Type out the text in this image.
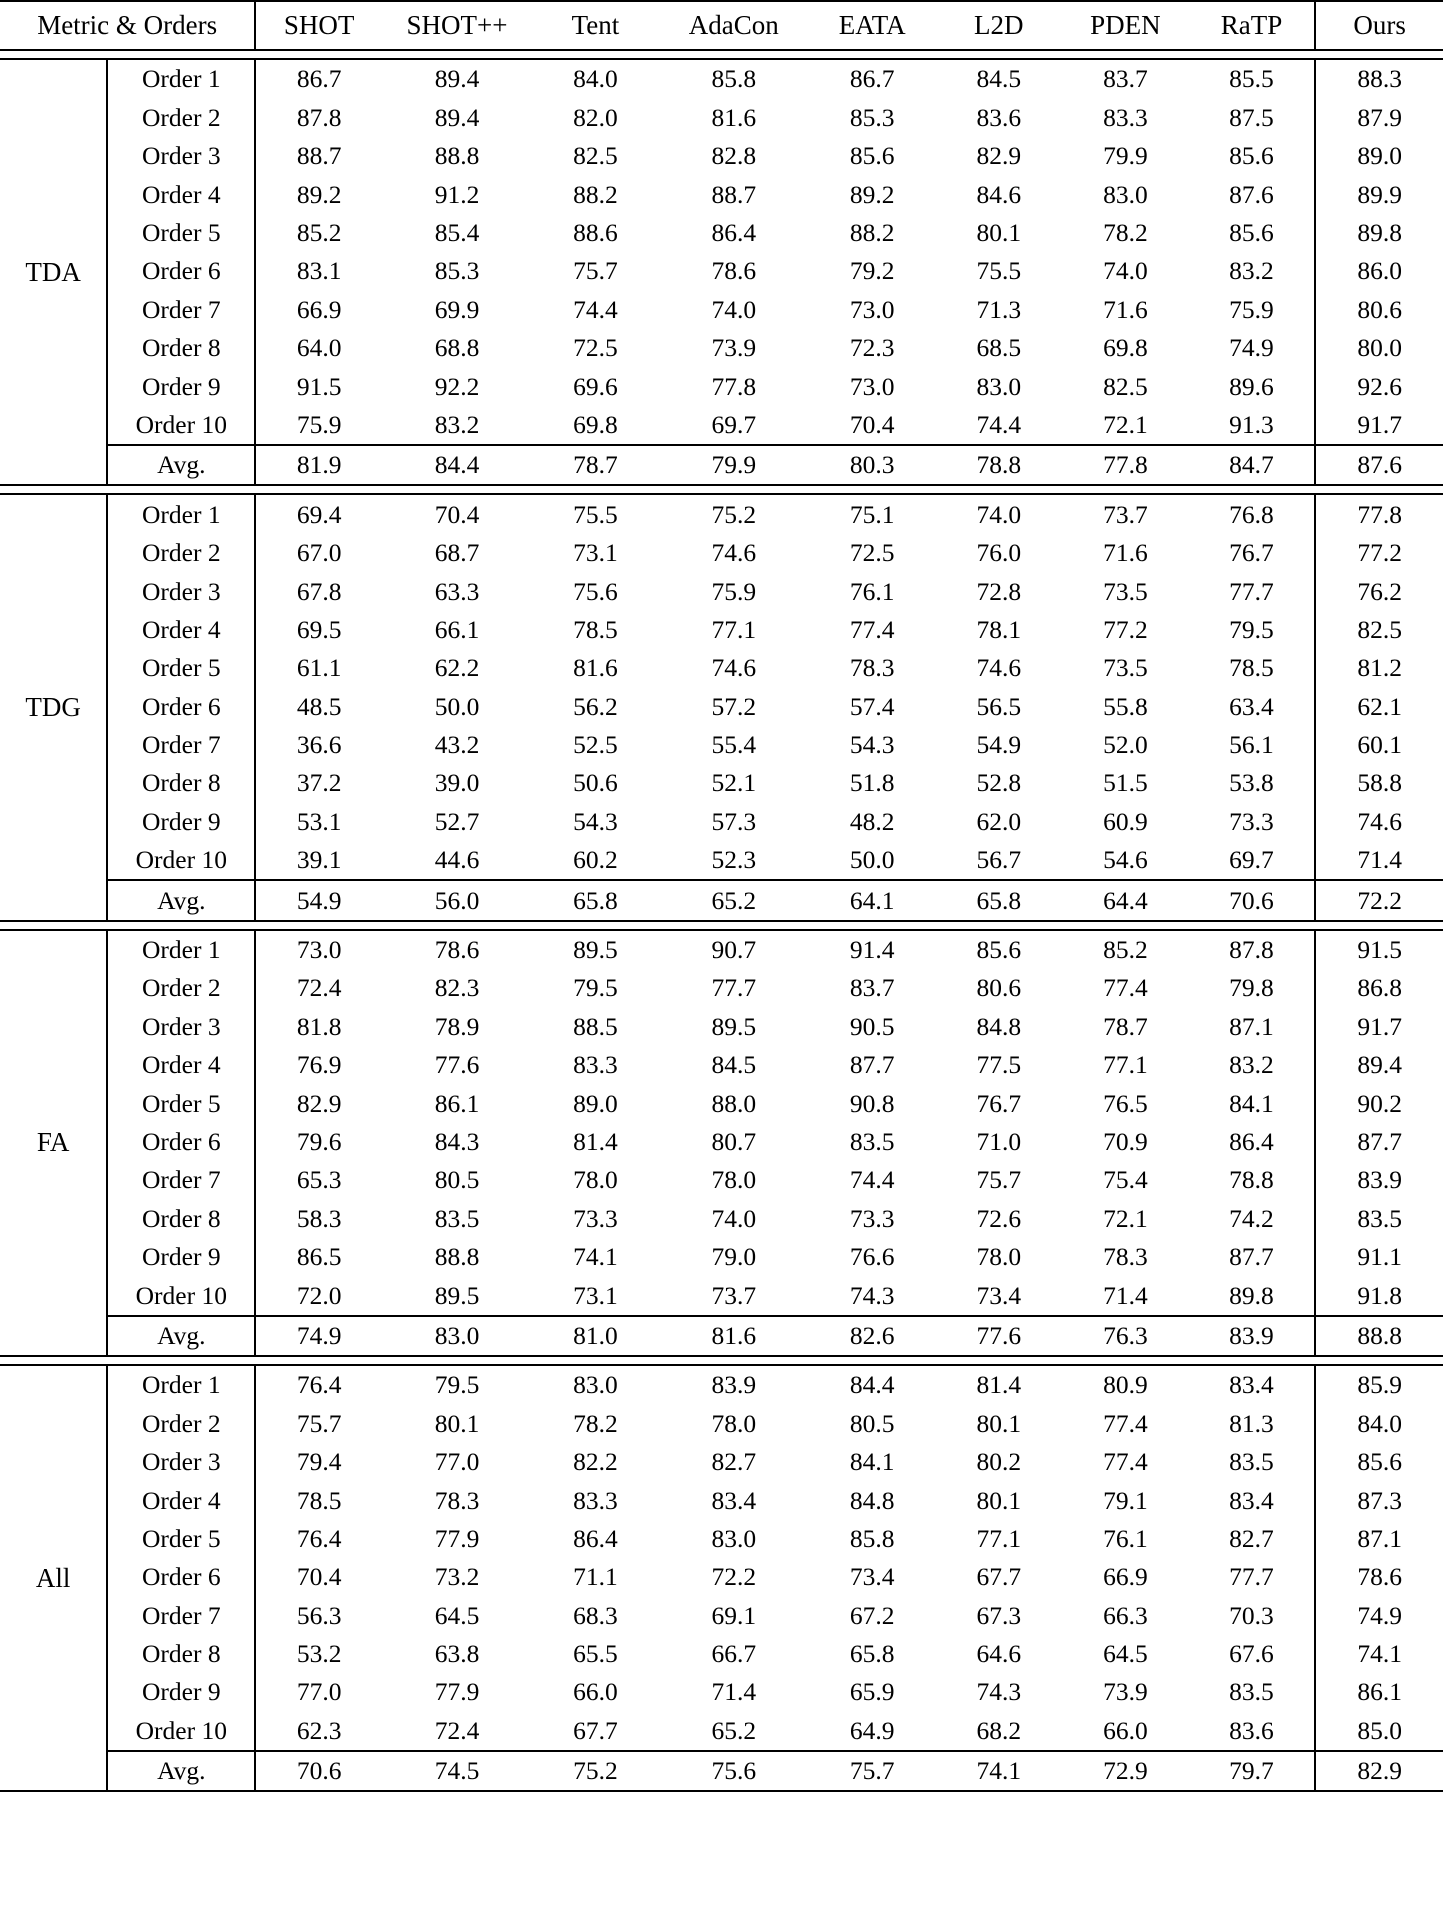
Metric & Orders		SHOT	SHOT++	Tent	AdaCon	EATA	L2D	PDEN	RaTP	Ours

TDA	Order 1	86.7	89.4	84.0	85.8	86.7	84.5	83.7	85.5	88.3
	Order 2	87.8	89.4	82.0	81.6	85.3	83.6	83.3	87.5	87.9
	Order 3	88.7	88.8	82.5	82.8	85.6	82.9	79.9	85.6	89.0
	Order 4	89.2	91.2	88.2	88.7	89.2	84.6	83.0	87.6	89.9
	Order 5	85.2	85.4	88.6	86.4	88.2	80.1	78.2	85.6	89.8
	Order 6	83.1	85.3	75.7	78.6	79.2	75.5	74.0	83.2	86.0
	Order 7	66.9	69.9	74.4	74.0	73.0	71.3	71.6	75.9	80.6
	Order 8	64.0	68.8	72.5	73.9	72.3	68.5	69.8	74.9	80.0
	Order 9	91.5	92.2	69.6	77.8	73.0	83.0	82.5	89.6	92.6
	Order 10	75.9	83.2	69.8	69.7	70.4	74.4	72.1	91.3	91.7
	Avg.	81.9	84.4	78.7	79.9	80.3	78.8	77.8	84.7	87.6

TDG	Order 1	69.4	70.4	75.5	75.2	75.1	74.0	73.7	76.8	77.8
	Order 2	67.0	68.7	73.1	74.6	72.5	76.0	71.6	76.7	77.2
	Order 3	67.8	63.3	75.6	75.9	76.1	72.8	73.5	77.7	76.2
	Order 4	69.5	66.1	78.5	77.1	77.4	78.1	77.2	79.5	82.5
	Order 5	61.1	62.2	81.6	74.6	78.3	74.6	73.5	78.5	81.2
	Order 6	48.5	50.0	56.2	57.2	57.4	56.5	55.8	63.4	62.1
	Order 7	36.6	43.2	52.5	55.4	54.3	54.9	52.0	56.1	60.1
	Order 8	37.2	39.0	50.6	52.1	51.8	52.8	51.5	53.8	58.8
	Order 9	53.1	52.7	54.3	57.3	48.2	62.0	60.9	73.3	74.6
	Order 10	39.1	44.6	60.2	52.3	50.0	56.7	54.6	69.7	71.4
	Avg.	54.9	56.0	65.8	65.2	64.1	65.8	64.4	70.6	72.2

FA	Order 1	73.0	78.6	89.5	90.7	91.4	85.6	85.2	87.8	91.5
	Order 2	72.4	82.3	79.5	77.7	83.7	80.6	77.4	79.8	86.8
	Order 3	81.8	78.9	88.5	89.5	90.5	84.8	78.7	87.1	91.7
	Order 4	76.9	77.6	83.3	84.5	87.7	77.5	77.1	83.2	89.4
	Order 5	82.9	86.1	89.0	88.0	90.8	76.7	76.5	84.1	90.2
	Order 6	79.6	84.3	81.4	80.7	83.5	71.0	70.9	86.4	87.7
	Order 7	65.3	80.5	78.0	78.0	74.4	75.7	75.4	78.8	83.9
	Order 8	58.3	83.5	73.3	74.0	73.3	72.6	72.1	74.2	83.5
	Order 9	86.5	88.8	74.1	79.0	76.6	78.0	78.3	87.7	91.1
	Order 10	72.0	89.5	73.1	73.7	74.3	73.4	71.4	89.8	91.8
	Avg.	74.9	83.0	81.0	81.6	82.6	77.6	76.3	83.9	88.8

All	Order 1	76.4	79.5	83.0	83.9	84.4	81.4	80.9	83.4	85.9
	Order 2	75.7	80.1	78.2	78.0	80.5	80.1	77.4	81.3	84.0
	Order 3	79.4	77.0	82.2	82.7	84.1	80.2	77.4	83.5	85.6
	Order 4	78.5	78.3	83.3	83.4	84.8	80.1	79.1	83.4	87.3
	Order 5	76.4	77.9	86.4	83.0	85.8	77.1	76.1	82.7	87.1
	Order 6	70.4	73.2	71.1	72.2	73.4	67.7	66.9	77.7	78.6
	Order 7	56.3	64.5	68.3	69.1	67.2	67.3	66.3	70.3	74.9
	Order 8	53.2	63.8	65.5	66.7	65.8	64.6	64.5	67.6	74.1
	Order 9	77.0	77.9	66.0	71.4	65.9	74.3	73.9	83.5	86.1
	Order 10	62.3	72.4	67.7	65.2	64.9	68.2	66.0	83.6	85.0
	Avg.	70.6	74.5	75.2	75.6	75.7	74.1	72.9	79.7	82.9
